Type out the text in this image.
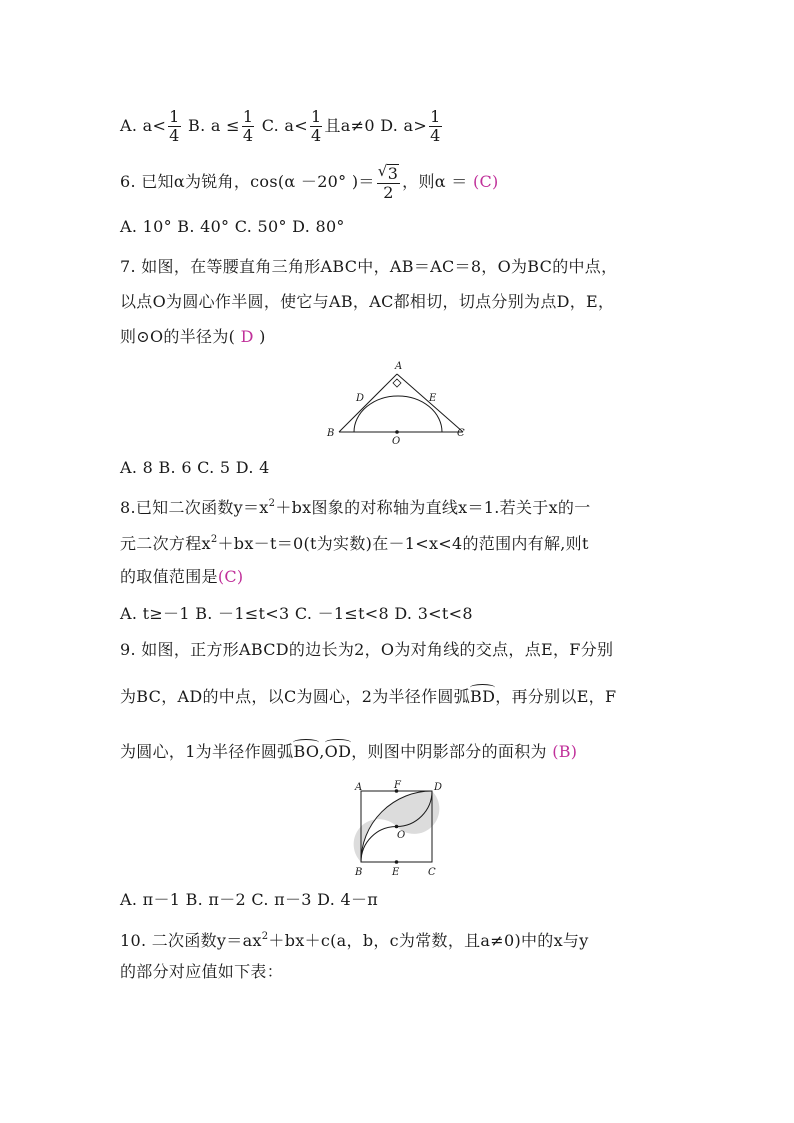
A. $a< \frac{1}{4} B$. $a \le \frac{1}{4} C$. $a< \frac{1}{4}$ 且a≠0 D. $a> \frac{1}{4}$
6. 已知α为锐角，cos(α －20° )＝ $\frac{√ 3}{2}$ ，则α ＝ (C)
A. 10° B. 40° C. 50° D. 80°
7. 如图，在等腰直角三角形ABC中，AB＝AC＝8，O为BC的中点，
以点O为圆心作半圆，使它与AB，AC都相切，切点分别为点D，E，
则⊙O的半径为( D )
A
B	C
D	E
O
A. 8 B. 6 C. 5 D. 4
8.已知二次函数$y=x^2+bx$图象的对称轴为直线x＝1.若关于x的一
元二次方程$x^2+bx-t=0(t$为实数)在－1<x<4的范围内有解,则t
的取值范围是(C)
A. t≥－1 B. －1≤t<3 C. －1≤t<8 D. 3<t<8
9. 如图，正方形ABCD的边长为2，O为对角线的交点，点E，F分别
为BC，AD的中点，以C为圆心，2为半径作圆弧BD，再分别以E，F
为圆心，1为半径作圆弧BO,OD，则图中阴影部分的面积为 (B)
A	D
F
O
B	E	C
A. π－1 B. π－2 C. π－3 D. 4－π
10. 二次函数$y=ax^2+bx+c(a$，b，c为常数，且a≠0)中的x与y
的部分对应值如下表：
